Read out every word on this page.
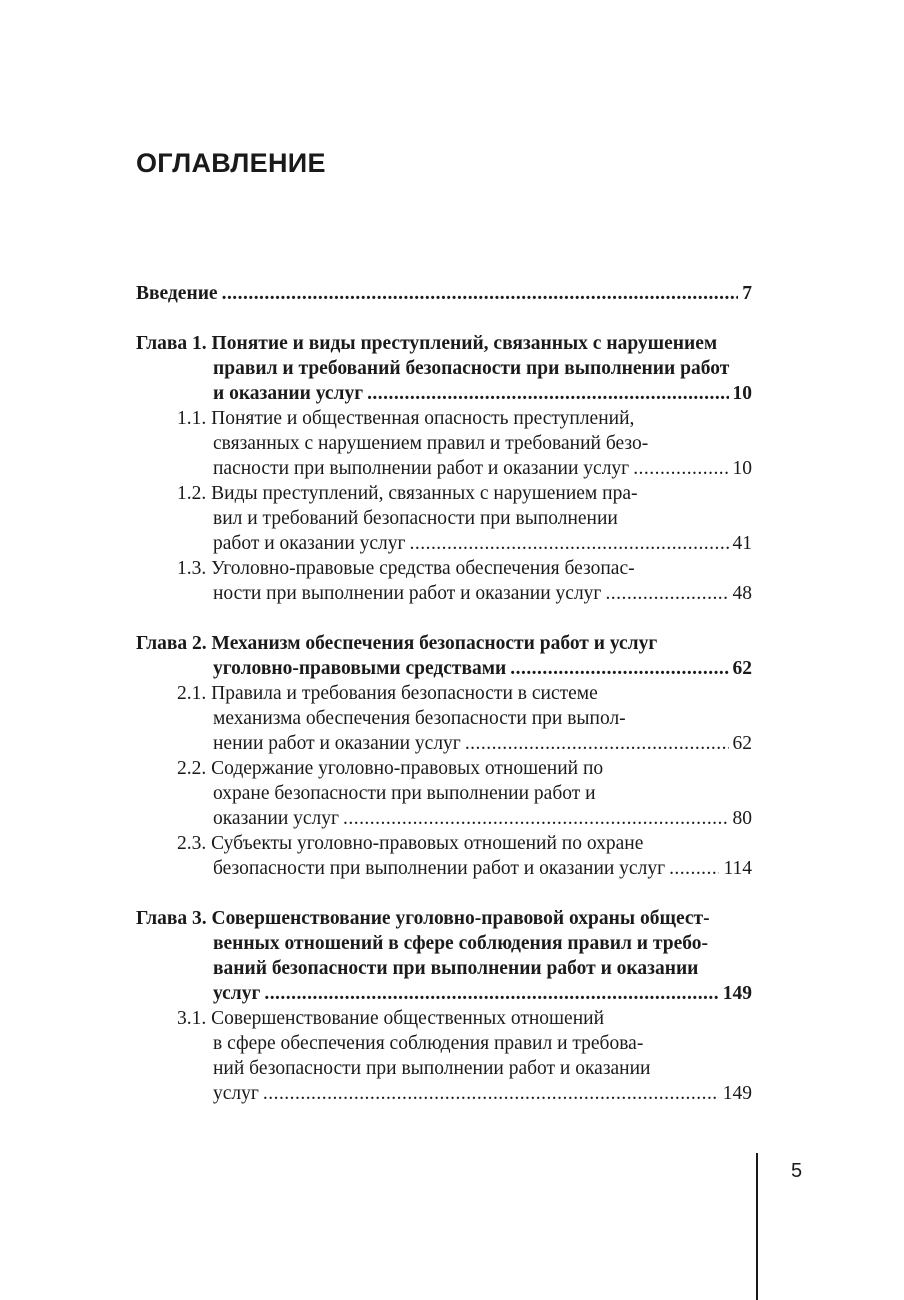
ОГЛАВЛЕНИЕ
Введение . . .	7
Глава 1. Понятие и виды преступлений, связанных с нарушением
правил и требований безопасности при выполнении работ
и оказании услуг . . .	10
1.1. Понятие и общественная опасность преступлений,
связанных с нарушением правил и требований безо-
пасности при выполнении работ и оказании услуг . . .	10
1.2. Виды преступлений, связанных с нарушением пра-
вил и требований безопасности при выполнении
работ и оказании услуг . . .	41
1.3. Уголовно-правовые средства обеспечения безопас-
ности при выполнении работ и оказании услуг . . .	48
Глава 2. Механизм обеспечения безопасности работ и услуг
уголовно-правовыми средствами . . .	62
2.1. Правила и требования безопасности в системе
механизма обеспечения безопасности при выпол-
нении работ и оказании услуг . . .	62
2.2. Содержание уголовно-правовых отношений по
охране безопасности при выполнении работ и
оказании услуг . . .	80
2.3. Субъекты уголовно-правовых отношений по охране
безопасности при выполнении работ и оказании услуг . . .	114
Глава 3. Совершенствование уголовно-правовой охраны общест-
венных отношений в сфере соблюдения правил и требо-
ваний безопасности при выполнении работ и оказании
услуг . . .	149
3.1. Совершенствование общественных отношений
в сфере обеспечения соблюдения правил и требова-
ний безопасности при выполнении работ и оказании
услуг . . .	149
5
